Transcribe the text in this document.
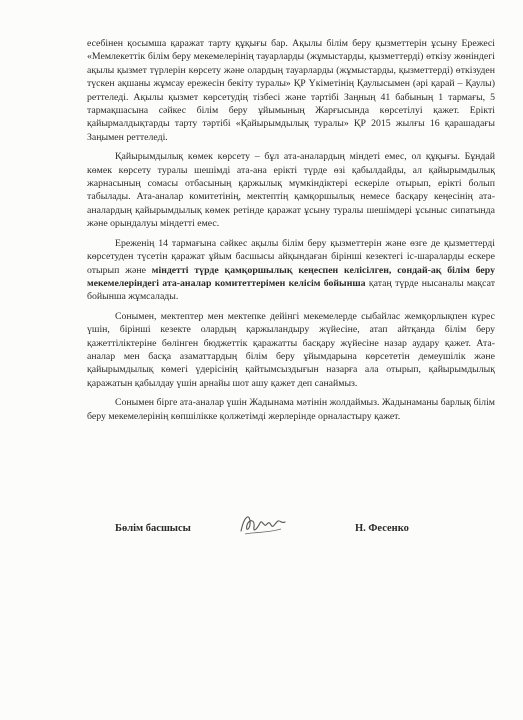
есебінен қосымша қаражат тарту құқығы бар. Ақылы білім беру қызметтерін ұсыну Ережесі «Мемлекеттік білім беру мекемелерінің тауарларды (жұмыстарды, қызметтерді) өткізу жөніндегі ақылы қызмет түрлерін көрсету және олардың тауарларды (жұмыстарды, қызметтерді) өткізуден түскен ақшаны жұмсау ережесін бекіту туралы» ҚР Үкіметінің Қаулысымен (әрі қарай – Қаулы) реттеледі. Ақылы қызмет көрсетудің тізбесі және тәртібі Заңның 41 бабының 1 тармағы, 5 тармақшасына сәйкес білім беру ұйымының Жарғысында көрсетілуі қажет. Ерікті қайырмалдықтарды тарту тәртібі «Қайырымдылық туралы» ҚР 2015 жылғы 16 қарашадағы Заңымен реттеледі.

Қайырымдылық көмек көрсету – бұл ата-аналардың міндеті емес, ол құқығы. Бұндай көмек көрсету туралы шешімді ата-ана ерікті түрде өзі қабылдайды, ал қайырымдылық жарнасының сомасы отбасының қаржылық мүмкіндіктері ескеріле отырып, ерікті болып табылады. Ата-аналар комитетінің, мектептің қамқоршылық немесе басқару кеңесінің ата-аналардың қайырымдылық көмек ретінде қаражат ұсыну туралы шешімдері ұсыныс сипатында және орындалуы міндетті емес.

Ереженің 14 тармағына сәйкес ақылы білім беру қызметтерін және өзге де қызметтерді көрсетуден түсетін қаражат ұйым басшысы айқындаған бірінші кезектегі іс-шараларды ескере отырып және міндетті түрде қамқоршылық кеңеспен келісілген, сондай-ақ білім беру мекемелеріндегі ата-аналар комитеттерімен келісім бойынша қатаң түрде нысаналы мақсат бойынша жұмсалады.

Сонымен, мектептер мен мектепке дейінгі мекемелерде сыбайлас жемқорлықпен күрес үшін, бірінші кезекте олардың қаржыландыру жүйесіне, атап айтқанда білім беру қажеттіліктеріне бөлінген бюджеттік қаражатты басқару жүйесіне назар аудару қажет. Ата-аналар мен басқа азаматтардың білім беру ұйымдарына көрсететін демеушілік және қайырымдылық көмегі үдерісінің қайтымсыздығын назарға ала отырып, қайырымдылық қаражатын қабылдау үшін арнайы шот ашу қажет деп санаймыз.

Сонымен бірге ата-аналар үшін Жадынама мәтінін жолдаймыз. Жадынаманы барлық білім беру мекемелерінің көпшілікке қолжетімді жерлерінде орналастыру қажет.

Бөлім басшысы	Н. Фесенко
